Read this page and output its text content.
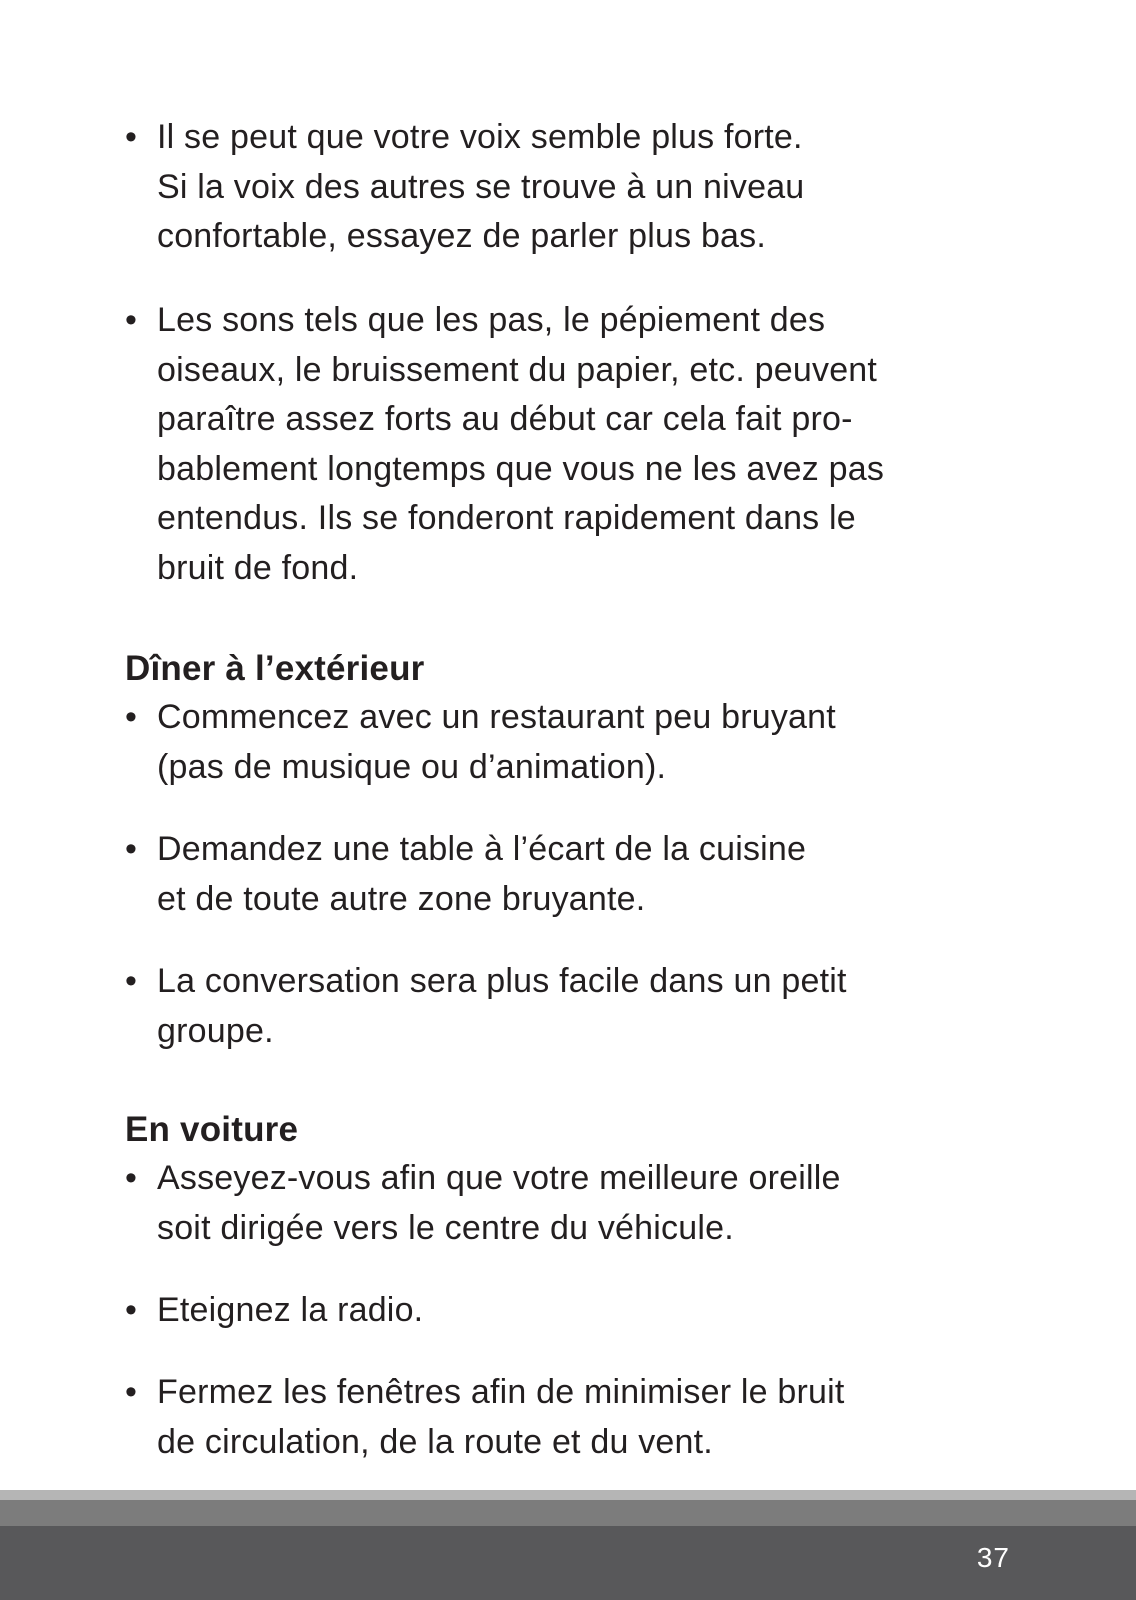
• Il se peut que votre voix semble plus forte.
Si la voix des autres se trouve à un niveau
confortable, essayez de parler plus bas.
• Les sons tels que les pas, le pépiement des
oiseaux, le bruissement du papier, etc. peuvent
paraître assez forts au début car cela fait pro-
bablement longtemps que vous ne les avez pas
entendus. Ils se fonderont rapidement dans le
bruit de fond.
Dîner à l’extérieur
• Commencez avec un restaurant peu bruyant
(pas de musique ou d’animation).
• Demandez une table à l’écart de la cuisine
et de toute autre zone bruyante.
• La conversation sera plus facile dans un petit
groupe.
En voiture
• Asseyez-vous afin que votre meilleure oreille
soit dirigée vers le centre du véhicule.
• Eteignez la radio.
• Fermez les fenêtres afin de minimiser le bruit
de circulation, de la route et du vent.
37
